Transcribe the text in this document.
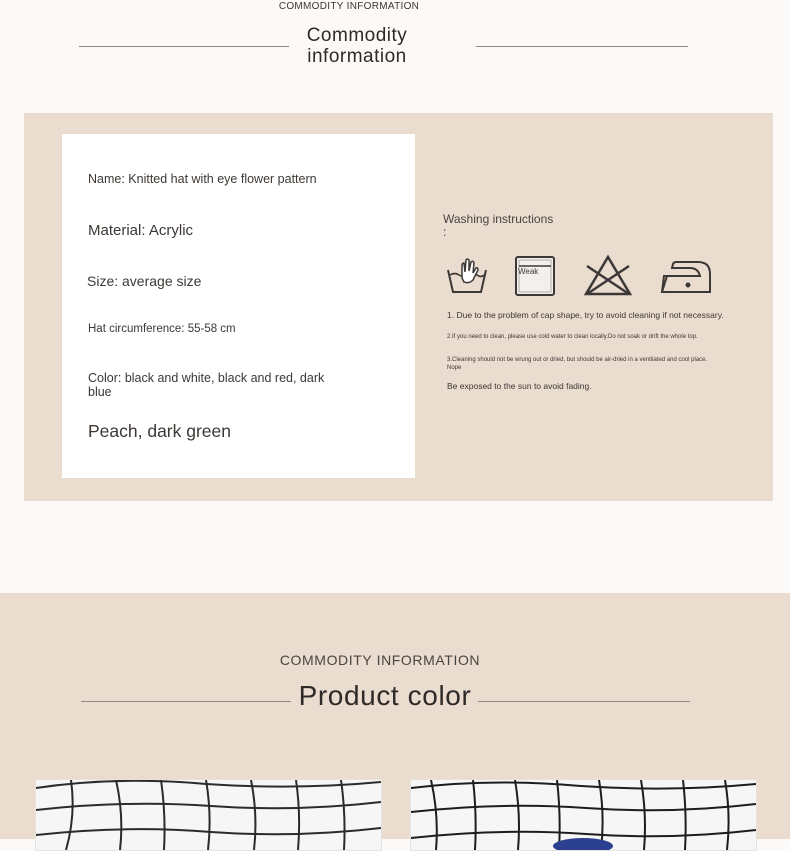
COMMODITY INFORMATION
Commodity
information
Name: Knitted hat with eye flower pattern
Material: Acrylic
Size: average size
Hat circumference: 55-58 cm
Color: black and white, black and red, dark blue
Peach, dark green
Washing instructions
:
Weak
1. Due to the problem of cap shape, try to avoid cleaning if not necessary.
2.If you need to clean, please use cold water to clean locally.Do not soak or drift the whole top.
3.Cleaning should not be wrung out or dried, but should be air-dried in a ventilated and cool place.
Nope
Be exposed to the sun to avoid fading.
COMMODITY INFORMATION
Product color
